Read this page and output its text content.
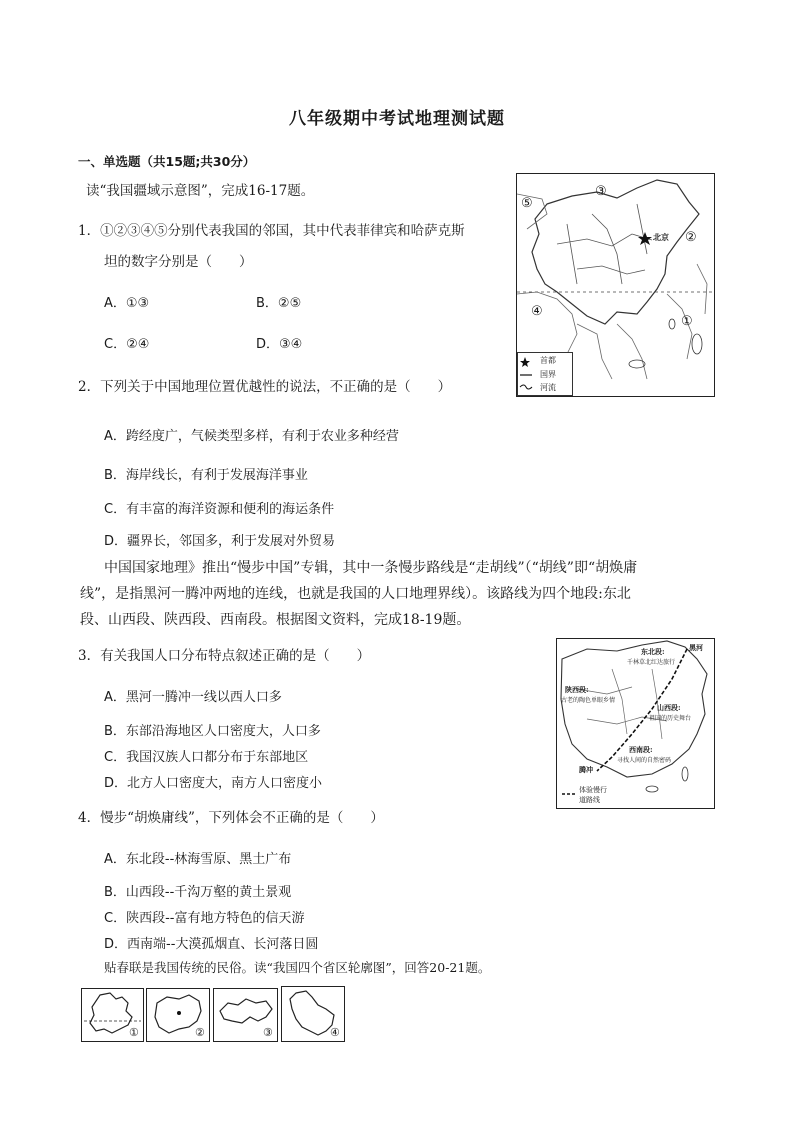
八年级期中考试地理测试题
一、单选题（共15题;共30分）
读“我国疆域示意图”，完成16-17题。
1．①②③④⑤分别代表我国的邻国，其中代表菲律宾和哈萨克斯
坦的数字分别是（　　）
A．①③	B．②⑤
C．②④	D．③④
③
⑤
②
①
④
北京
首都
国界
河流
2．下列关于中国地理位置优越性的说法，不正确的是（　　）
A．跨经度广，气候类型多样，有利于农业多种经营
B．海岸线长，有利于发展海洋事业
C．有丰富的海洋资源和便利的海运条件
D．疆界长，邻国多，利于发展对外贸易
中国国家地理》推出“慢步中国”专辑，其中一条慢步路线是“走胡线”（“胡线”即“胡焕庸
线”，是指黑河一腾冲两地的连线，也就是我国的人口地理界线）。该路线为四个地段:东北
段、山西段、陕西段、西南段。根据图文资料，完成18-19题。
3．有关我国人口分布特点叙述正确的是（　　）
A．黑河一腾冲一线以西人口多
B．东部沿海地区人口密度大，人口多
C．我国汉族人口都分布于东部地区
D．北方人口密度大，南方人口密度小
黑河
东北段:
千林草北红达旅行
陕西段:
古老的陶色单眼乡情
山西段:
祖国的历史舞台
西南段:
寻找人间的自然密码
腾冲
体验慢行
道路线
4．慢步“胡焕庸线”，下列体会不正确的是（　　）
A．东北段--林海雪原、黑土广布
B．山西段--千沟万壑的黄土景观
C．陕西段--富有地方特色的信天游
D．西南端--大漠孤烟直、长河落日圆
贴春联是我国传统的民俗。读“我国四个省区轮廓图”，回答20-21题。
①	②	③	④
